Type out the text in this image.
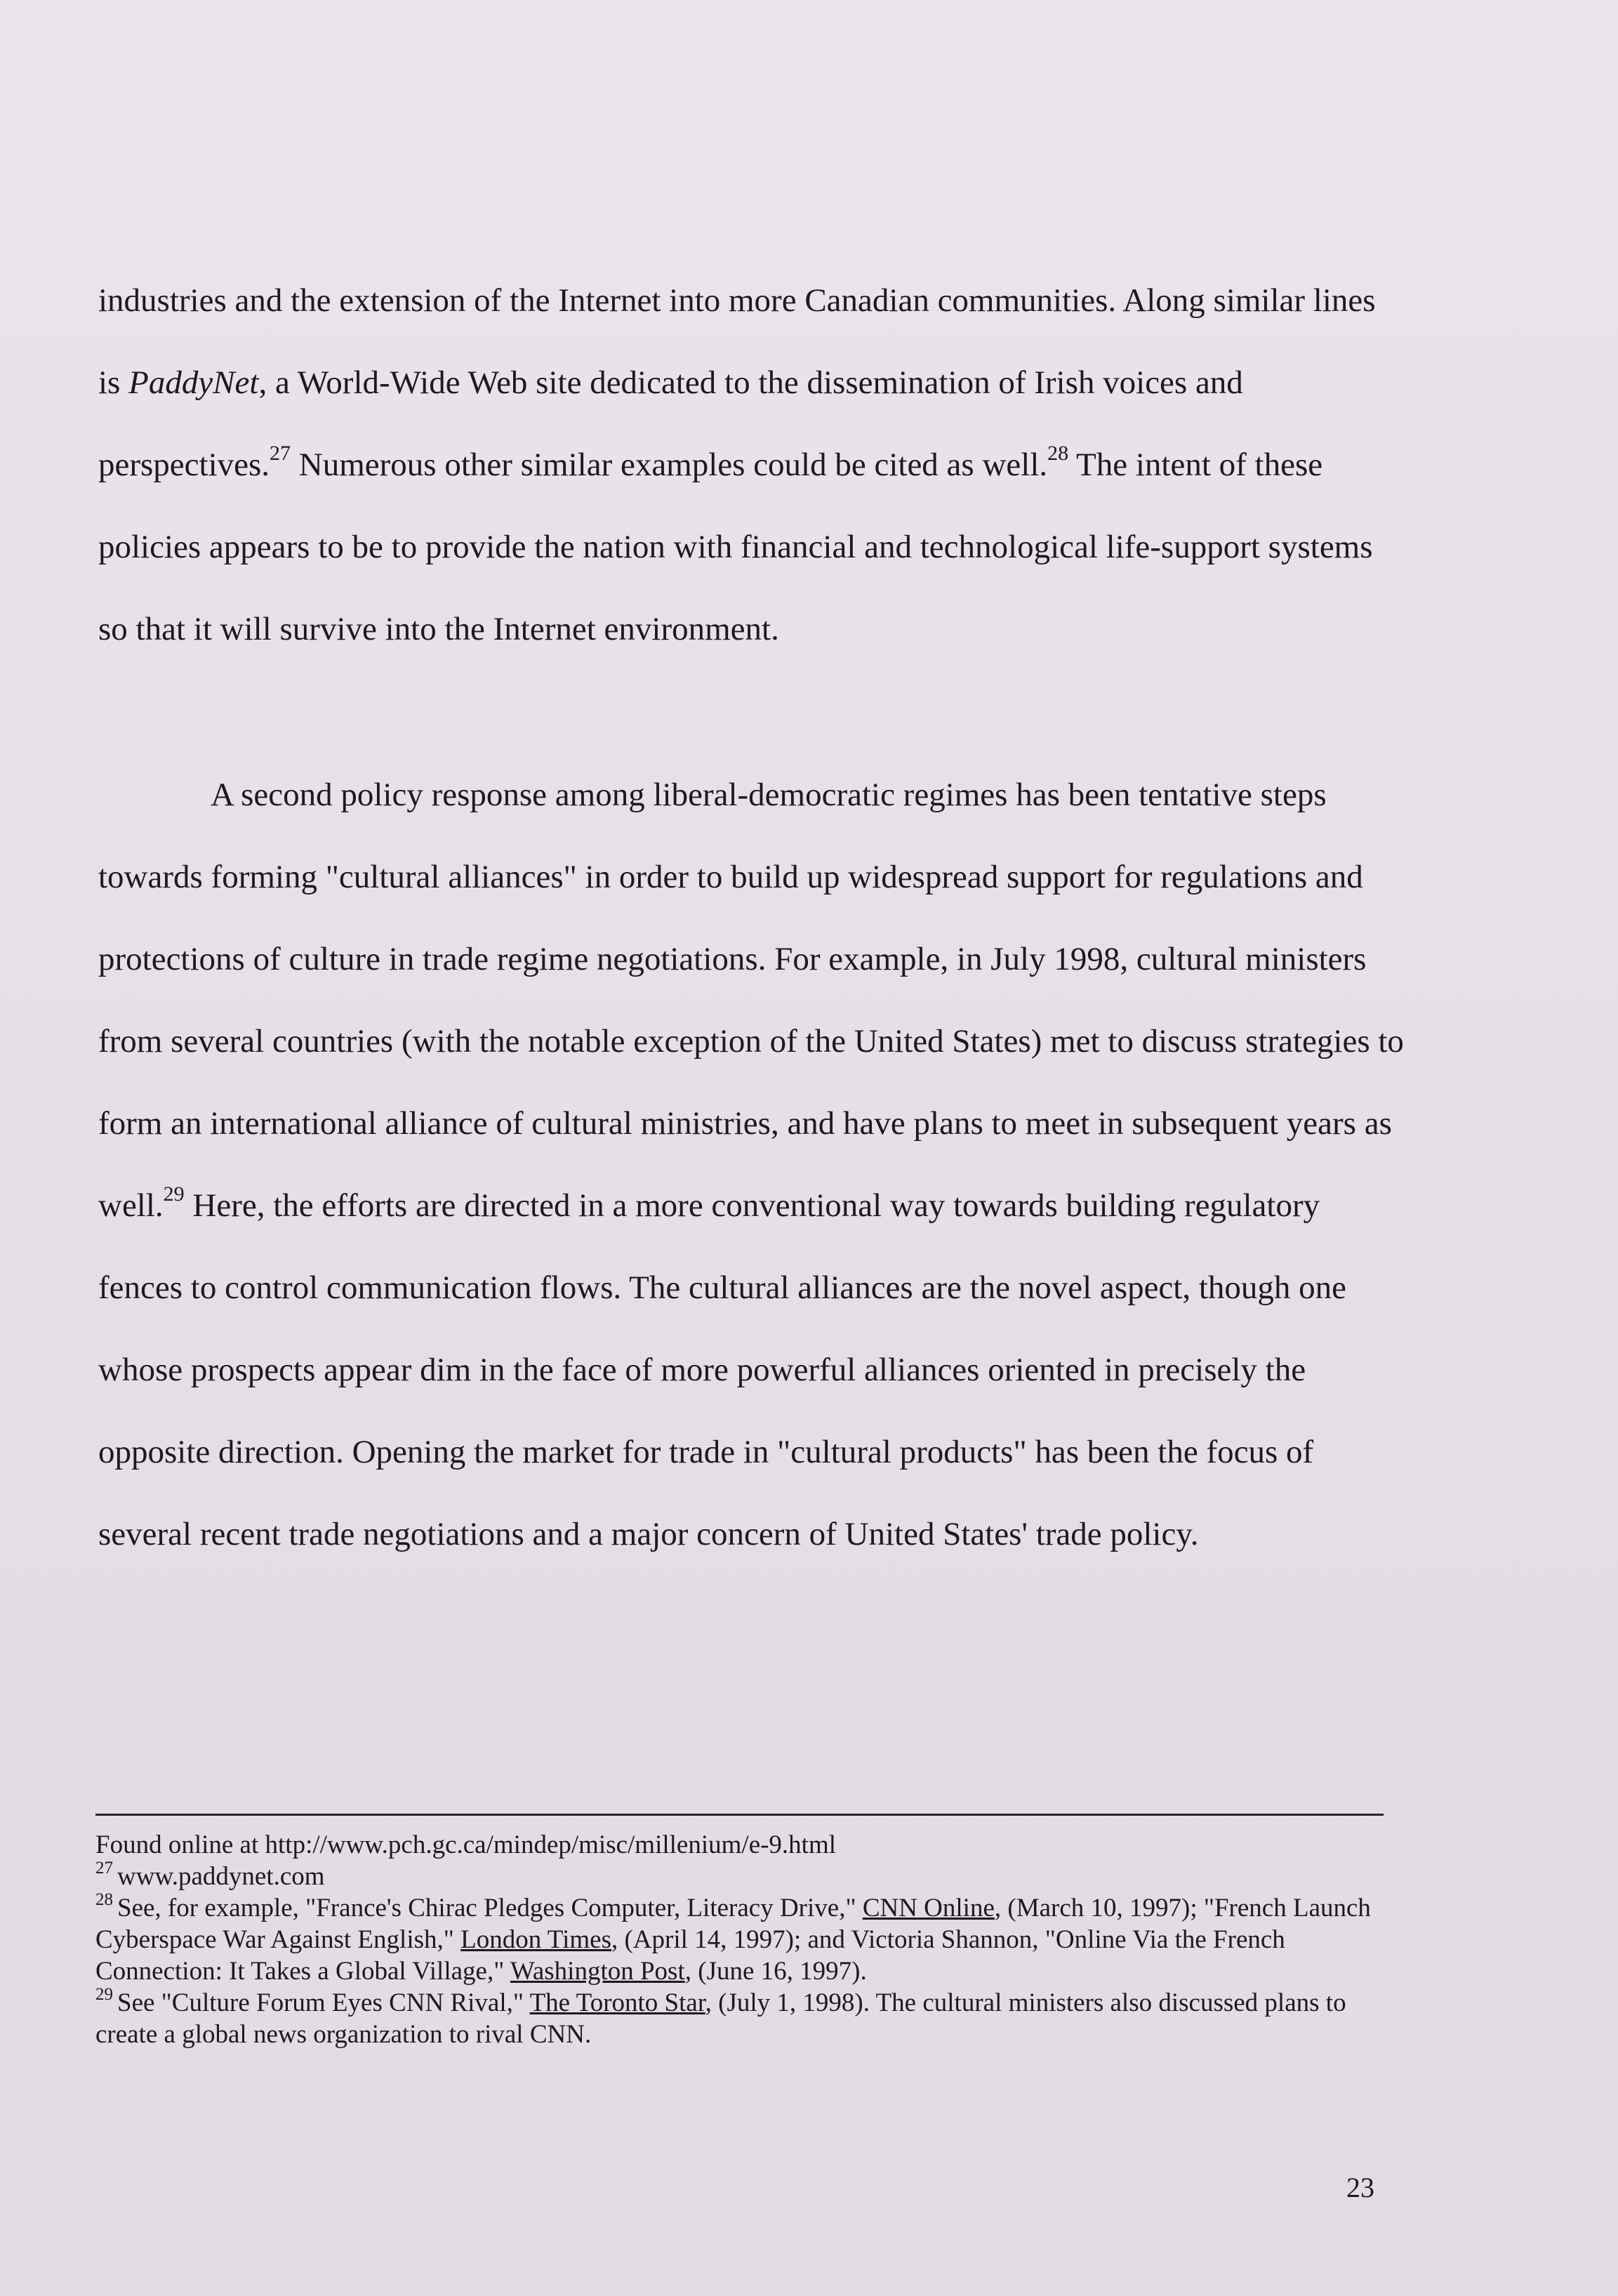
industries and the extension of the Internet into more Canadian communities. Along similar lines is PaddyNet, a World-Wide Web site dedicated to the dissemination of Irish voices and perspectives.$^{27}$ Numerous other similar examples could be cited as well.$^{28}$ The intent of these policies appears to be to provide the nation with financial and technological life-support systems so that it will survive into the Internet environment.

A second policy response among liberal-democratic regimes has been tentative steps towards forming "cultural alliances" in order to build up widespread support for regulations and protections of culture in trade regime negotiations. For example, in July 1998, cultural ministers from several countries (with the notable exception of the United States) met to discuss strategies to form an international alliance of cultural ministries, and have plans to meet in subsequent years as well.$^{29}$ Here, the efforts are directed in a more conventional way towards building regulatory fences to control communication flows. The cultural alliances are the novel aspect, though one whose prospects appear dim in the face of more powerful alliances oriented in precisely the opposite direction. Opening the market for trade in "cultural products" has been the focus of several recent trade negotiations and a major concern of United States' trade policy.

Found online at http://www.pch.gc.ca/mindep/misc/millenium/e-9.html

$^{27}$ www.paddynet.com

$^{28}$ See, for example, "France's Chirac Pledges Computer, Literacy Drive," CNN Online, (March 10, 1997); "French Launch Cyberspace War Against English," London Times, (April 14, 1997); and Victoria Shannon, "Online Via the French Connection: It Takes a Global Village," Washington Post, (June 16, 1997).

$^{29}$ See "Culture Forum Eyes CNN Rival," The Toronto Star, (July 1, 1998). The cultural ministers also discussed plans to create a global news organization to rival CNN.

23
